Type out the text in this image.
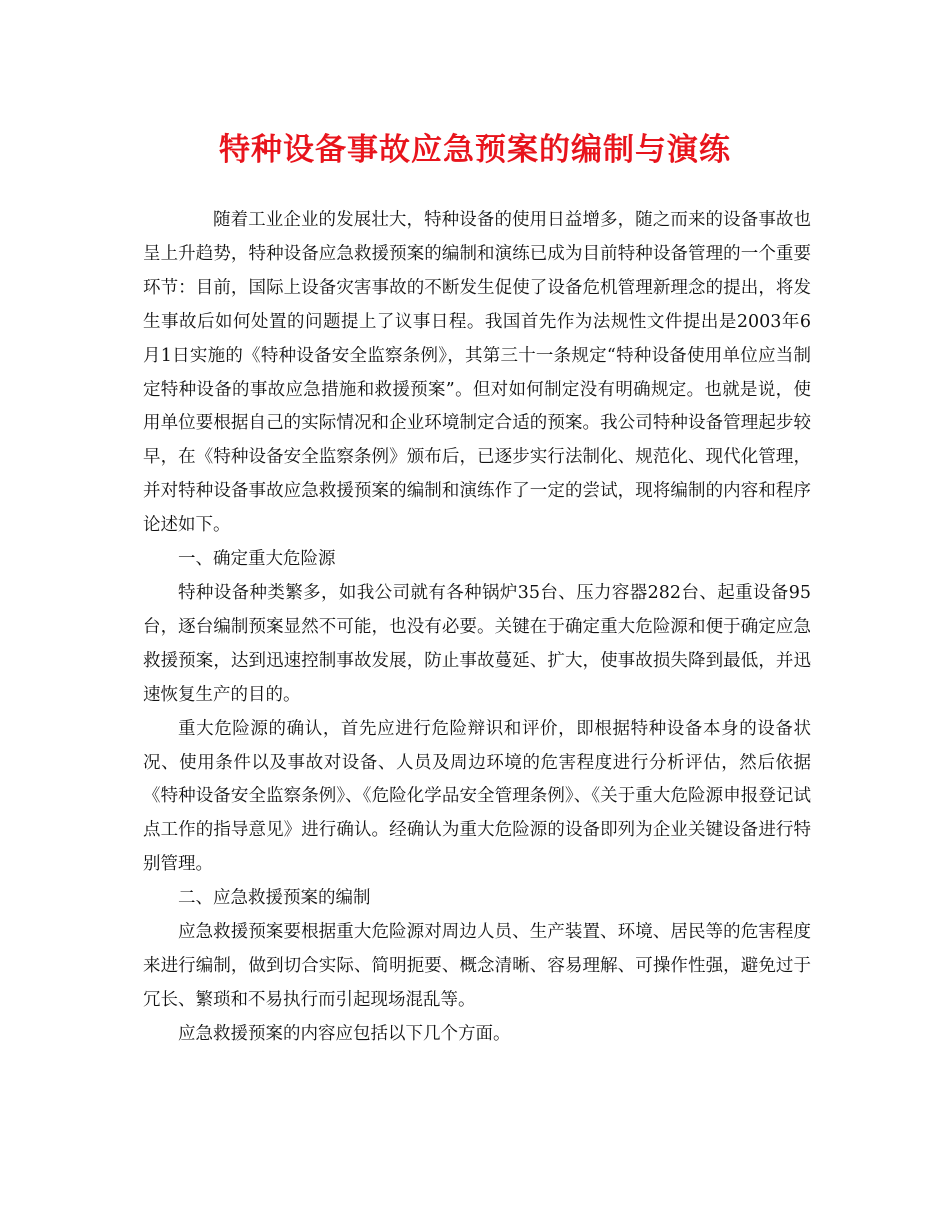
特种设备事故应急预案的编制与演练

随着工业企业的发展壮大，特种设备的使用日益增多，随之而来的设备事故也呈上升趋势，特种设备应急救援预案的编制和演练已成为目前特种设备管理的一个重要环节：目前，国际上设备灾害事故的不断发生促使了设备危机管理新理念的提出，将发生事故后如何处置的问题提上了议事日程。我国首先作为法规性文件提出是2003年6月1日实施的《特种设备安全监察条例》，其第三十一条规定“特种设备使用单位应当制定特种设备的事故应急措施和救援预案”。但对如何制定没有明确规定。也就是说，使用单位要根据自己的实际情况和企业环境制定合适的预案。我公司特种设备管理起步较早，在《特种设备安全监察条例》颁布后，已逐步实行法制化、规范化、现代化管理，并对特种设备事故应急救援预案的编制和演练作了一定的尝试，现将编制的内容和程序论述如下。

一、确定重大危险源

特种设备种类繁多，如我公司就有各种锅炉35台、压力容器282台、起重设备95台，逐台编制预案显然不可能，也没有必要。关键在于确定重大危险源和便于确定应急救援预案，达到迅速控制事故发展，防止事故蔓延、扩大，使事故损失降到最低，并迅速恢复生产的目的。

重大危险源的确认，首先应进行危险辩识和评价，即根据特种设备本身的设备状况、使用条件以及事故对设备、人员及周边环境的危害程度进行分析评估，然后依据《特种设备安全监察条例》、《危险化学品安全管理条例》、《关于重大危险源申报登记试点工作的指导意见》进行确认。经确认为重大危险源的设备即列为企业关键设备进行特别管理。

二、应急救援预案的编制

应急救援预案要根据重大危险源对周边人员、生产装置、环境、居民等的危害程度来进行编制，做到切合实际、简明扼要、概念清晰、容易理解、可操作性强，避免过于冗长、繁琐和不易执行而引起现场混乱等。

应急救援预案的内容应包括以下几个方面。
